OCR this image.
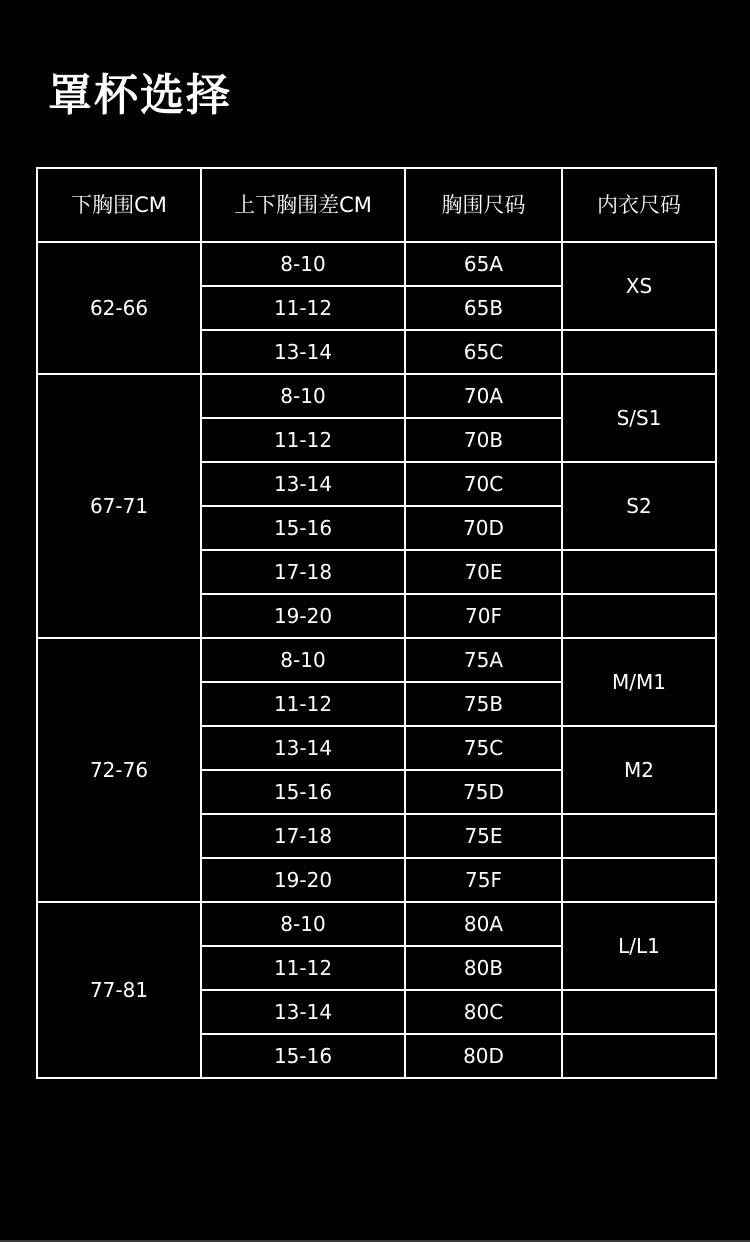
罩杯选择
下胸围CM	上下胸围差CM	胸围尺码	内衣尺码
62-66	8-10	65A	XS
	11-12	65B	
	13-14	65C	
67-71	8-10	70A	S/S1
	11-12	70B	
	13-14	70C	S2
	15-16	70D	
	17-18	70E	
	19-20	70F	
72-76	8-10	75A	M/M1
	11-12	75B	
	13-14	75C	M2
	15-16	75D	
	17-18	75E	
	19-20	75F	
77-81	8-10	80A	L/L1
	11-12	80B	
	13-14	80C	
	15-16	80D	
